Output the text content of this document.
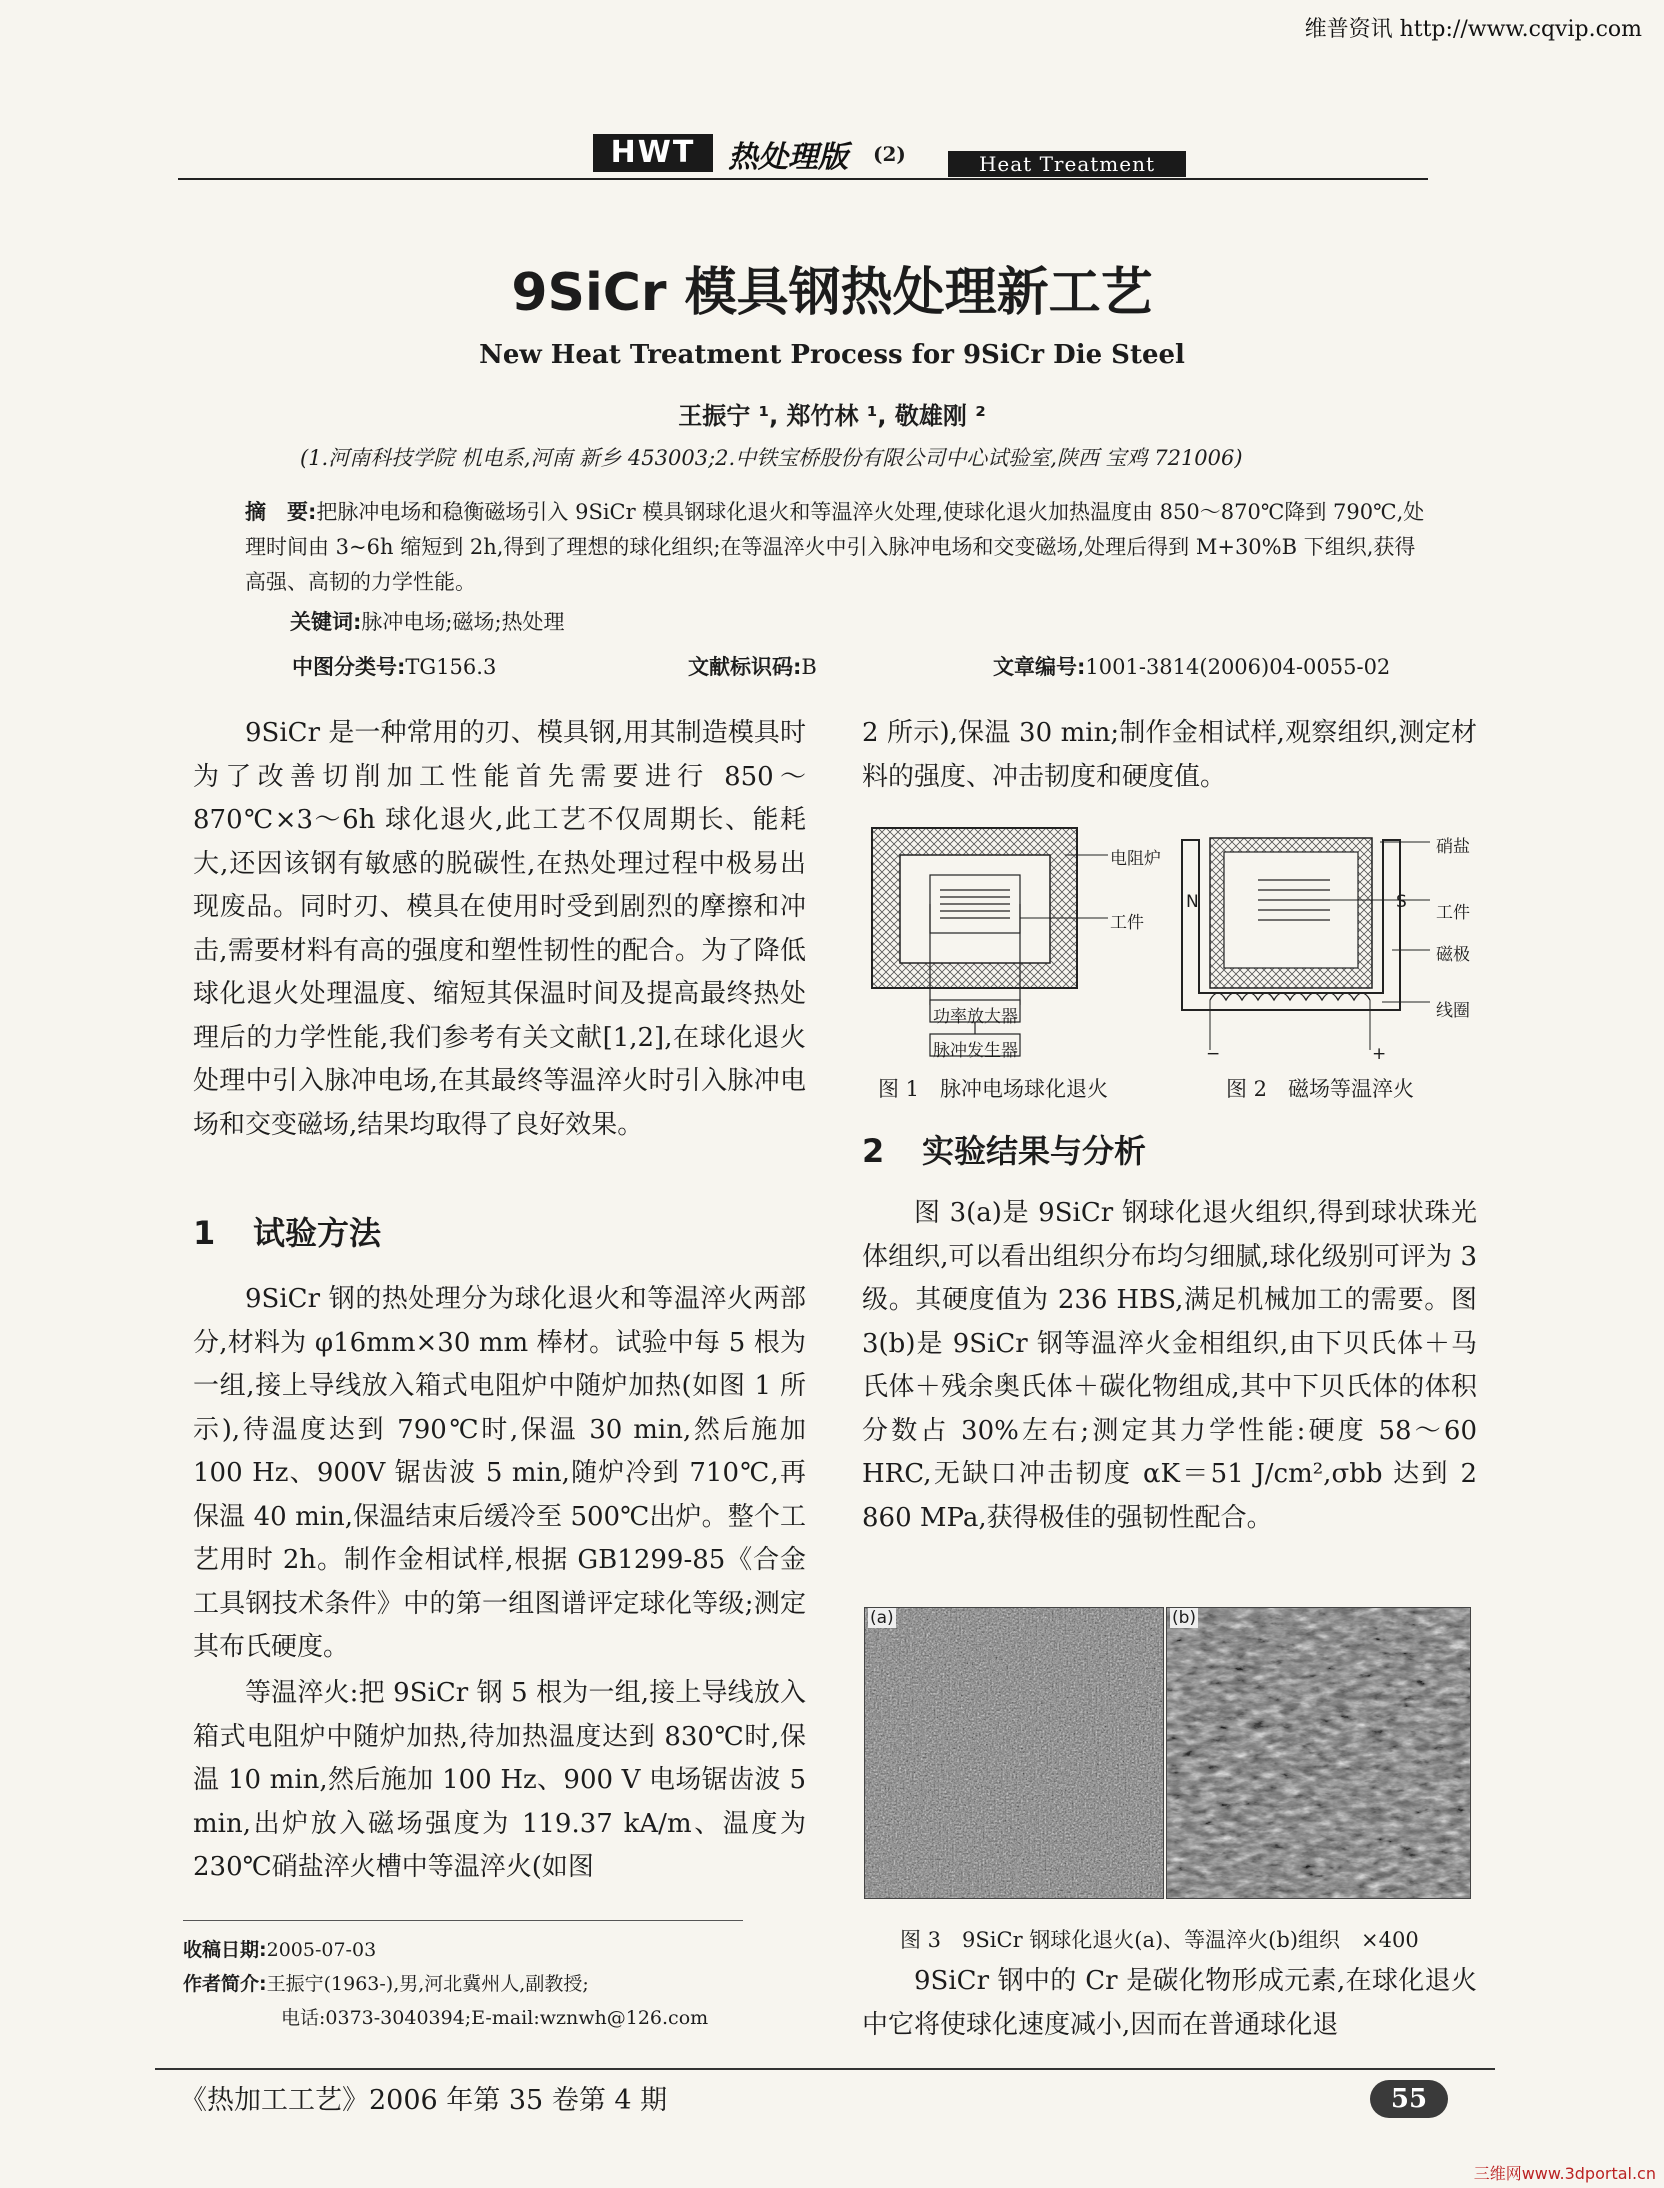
维普资讯 http://www.cqvip.com
HWT	热处理版 (2)	Heat Treatment
9SiCr 模具钢热处理新工艺
New Heat Treatment Process for 9SiCr Die Steel
王振宁 ¹, 郑竹林 ¹, 敬雄刚 ²
(1.河南科技学院 机电系,河南 新乡 453003;2.中铁宝桥股份有限公司中心试验室,陕西 宝鸡 721006)
摘　要:把脉冲电场和稳衡磁场引入 9SiCr 模具钢球化退火和等温淬火处理,使球化退火加热温度由 850～870℃降到 790℃,处理时间由 3~6h 缩短到 2h,得到了理想的球化组织;在等温淬火中引入脉冲电场和交变磁场,处理后得到 M+30%B 下组织,获得高强、高韧的力学性能。
关键词:脉冲电场;磁场;热处理
中图分类号:TG156.3	文献标识码:B	文章编号:1001-3814(2006)04-0055-02
9SiCr 是一种常用的刃、模具钢,用其制造模具时为了改善切削加工性能首先需要进行 850～870℃×3～6h 球化退火,此工艺不仅周期长、能耗大,还因该钢有敏感的脱碳性,在热处理过程中极易出现废品。同时刃、模具在使用时受到剧烈的摩擦和冲击,需要材料有高的强度和塑性韧性的配合。为了降低球化退火处理温度、缩短其保温时间及提高最终热处理后的力学性能,我们参考有关文献[1,2],在球化退火处理中引入脉冲电场,在其最终等温淬火时引入脉冲电场和交变磁场,结果均取得了良好效果。
1 试验方法
9SiCr 钢的热处理分为球化退火和等温淬火两部分,材料为 φ16mm×30 mm 棒材。试验中每 5 根为一组,接上导线放入箱式电阻炉中随炉加热(如图 1 所示),待温度达到 790℃时,保温 30 min,然后施加 100 Hz、900V 锯齿波 5 min,随炉冷到 710℃,再保温 40 min,保温结束后缓冷至 500℃出炉。整个工艺用时 2h。制作金相试样,根据 GB1299-85《合金工具钢技术条件》中的第一组图谱评定球化等级;测定其布氏硬度。
等温淬火:把 9SiCr 钢 5 根为一组,接上导线放入箱式电阻炉中随炉加热,待加热温度达到 830℃时,保温 10 min,然后施加 100 Hz、900 V 电场锯齿波 5 min,出炉放入磁场强度为 119.37 kA/m、温度为 230℃硝盐淬火槽中等温淬火(如图
2 所示),保温 30 min;制作金相试样,观察组织,测定材料的强度、冲击韧度和硬度值。
功率放大器
脉冲发生器
电阻炉
工件
图 1　脉冲电场球化退火
N	S
−	+
硝盐
工件
磁极
线圈
图 2　磁场等温淬火
2 实验结果与分析
图 3(a)是 9SiCr 钢球化退火组织,得到球状珠光体组织,可以看出组织分布均匀细腻,球化级别可评为 3 级。其硬度值为 236 HBS,满足机械加工的需要。图 3(b)是 9SiCr 钢等温淬火金相组织,由下贝氏体＋马氏体＋残余奥氏体＋碳化物组成,其中下贝氏体的体积分数占 30%左右;测定其力学性能:硬度 58～60 HRC,无缺口冲击韧度 αK＝51 J/cm²,σbb 达到 2 860 MPa,获得极佳的强韧性配合。
(a)	(b)
图 3　9SiCr 钢球化退火(a)、等温淬火(b)组织　×400
9SiCr 钢中的 Cr 是碳化物形成元素,在球化退火中它将使球化速度减小,因而在普通球化退
收稿日期:2005-07-03
作者简介:王振宁(1963-),男,河北冀州人,副教授;
电话:0373-3040394;E-mail:wznwh@126.com
《热加工工艺》2006 年第 35 卷第 4 期	55
三维网www.3dportal.cn
